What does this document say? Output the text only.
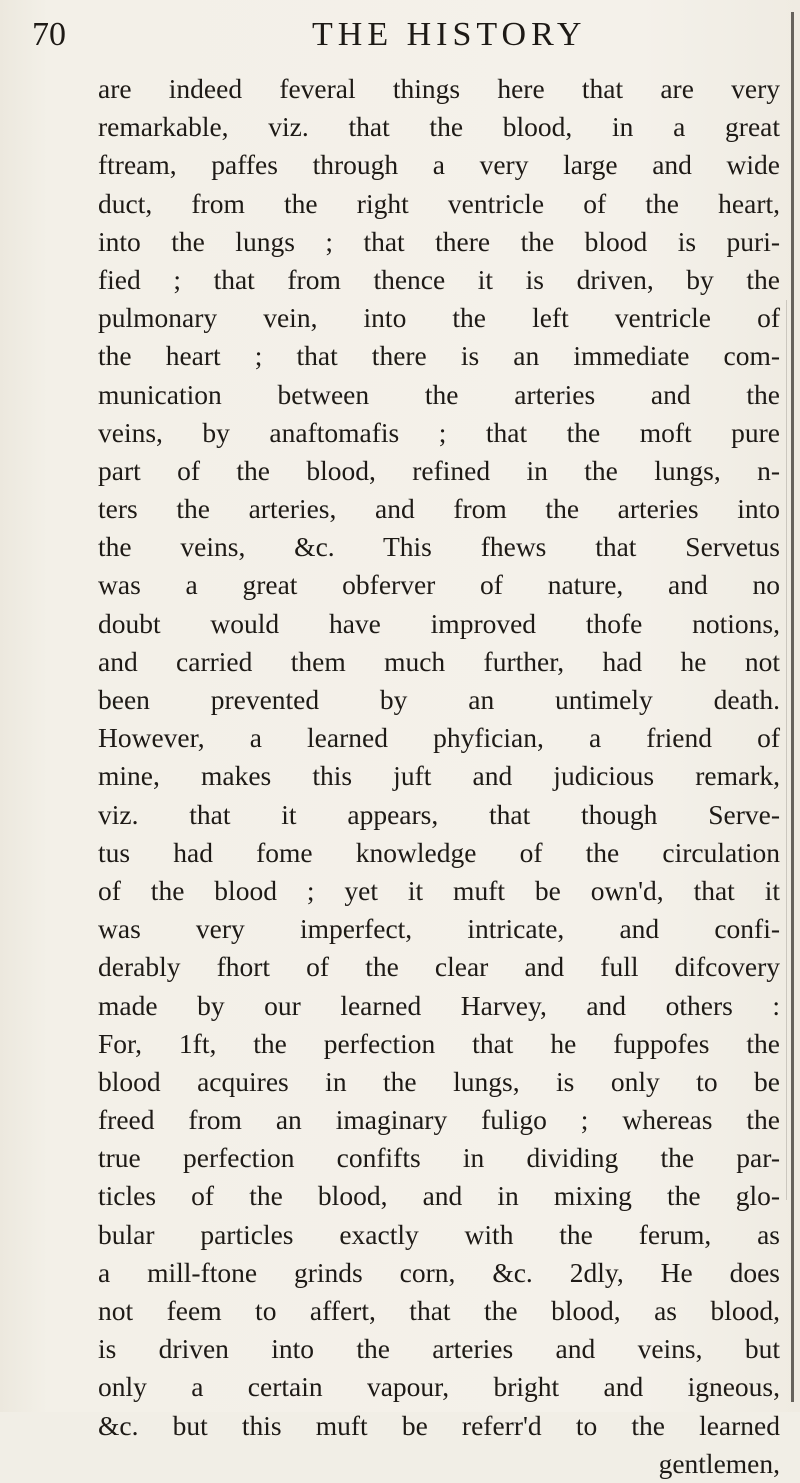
70	THE HISTORY
are indeed feveral things here that are very
remarkable, viz. that the blood, in a great
ftream, paffes through a very large and wide
duct, from the right ventricle of the heart,
into the lungs ; that there the blood is puri-
fied ; that from thence it is driven, by the
pulmonary vein, into the left ventricle of
the heart ; that there is an immediate com-
munication between the arteries and the
veins, by anaftomafis ; that the moft pure
part of the blood, refined in the lungs, n-
ters the arteries, and from the arteries into
the veins, &c. This fhews that Servetus
was a great obferver of nature, and no
doubt would have improved thofe notions,
and carried them much further, had he not
been prevented by an untimely death.
However, a learned phyfician, a friend of
mine, makes this juft and judicious remark,
viz. that it appears, that though Serve-
tus had fome knowledge of the circulation
of the blood ; yet it muft be own'd, that it
was very imperfect, intricate, and confi-
derably fhort of the clear and full difcovery
made by our learned Harvey, and others :
For, 1ft, the perfection that he fuppofes the
blood acquires in the lungs, is only to be
freed from an imaginary fuligo ; whereas the
true perfection confifts in dividing the par-
ticles of the blood, and in mixing the glo-
bular particles exactly with the ferum, as
a mill-ftone grinds corn, &c. 2dly, He does
not feem to affert, that the blood, as blood,
is driven into the arteries and veins, but
only a certain vapour, bright and igneous,
&c. but this muft be referr'd to the learned
gentlemen,
